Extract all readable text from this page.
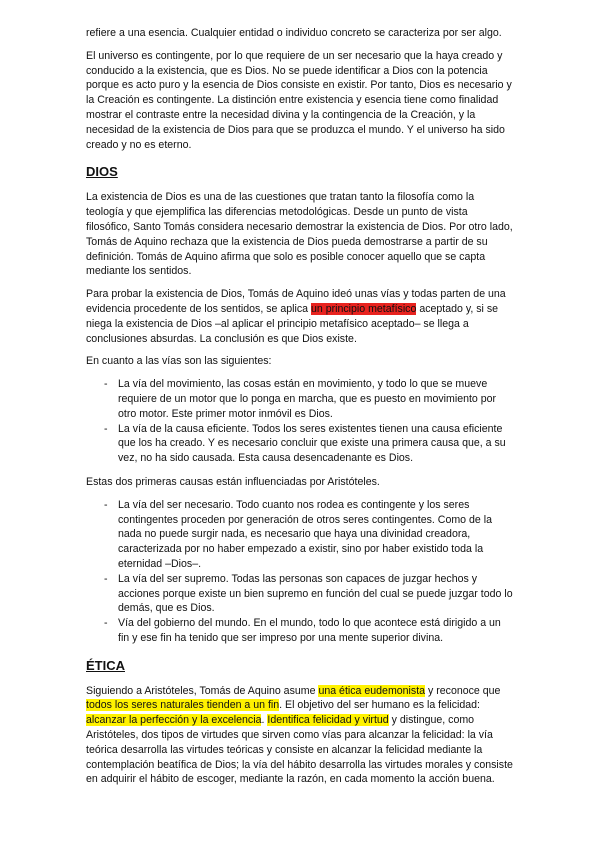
refiere a una esencia. Cualquier entidad o individuo concreto se caracteriza por ser algo.

El universo es contingente, por lo que requiere de un ser necesario que la haya creado y conducido a la existencia, que es Dios. No se puede identificar a Dios con la potencia porque es acto puro y la esencia de Dios consiste en existir. Por tanto, Dios es necesario y la Creación es contingente. La distinción entre existencia y esencia tiene como finalidad mostrar el contraste entre la necesidad divina y la contingencia de la Creación, y la necesidad de la existencia de Dios para que se produzca el mundo. Y el universo ha sido creado y no es eterno.

DIOS

La existencia de Dios es una de las cuestiones que tratan tanto la filosofía como la teología y que ejemplifica las diferencias metodológicas. Desde un punto de vista filosófico, Santo Tomás considera necesario demostrar la existencia de Dios. Por otro lado, Tomás de Aquino rechaza que la existencia de Dios pueda demostrarse a partir de su definición. Tomás de Aquino afirma que solo es posible conocer aquello que se capta mediante los sentidos.

Para probar la existencia de Dios, Tomás de Aquino ideó unas vías y todas parten de una evidencia procedente de los sentidos, se aplica un principio metafísico aceptado y, si se niega la existencia de Dios –al aplicar el principio metafísico aceptado– se llega a conclusiones absurdas. La conclusión es que Dios existe.

En cuanto a las vías son las siguientes:

- La vía del movimiento, las cosas están en movimiento, y todo lo que se mueve requiere de un motor que lo ponga en marcha, que es puesto en movimiento por otro motor. Este primer motor inmóvil es Dios.
- La vía de la causa eficiente. Todos los seres existentes tienen una causa eficiente que los ha creado. Y es necesario concluir que existe una primera causa que, a su vez, no ha sido causada. Esta causa desencadenante es Dios.

Estas dos primeras causas están influenciadas por Aristóteles.

- La vía del ser necesario. Todo cuanto nos rodea es contingente y los seres contingentes proceden por generación de otros seres contingentes. Como de la nada no puede surgir nada, es necesario que haya una divinidad creadora, caracterizada por no haber empezado a existir, sino por haber existido toda la eternidad –Dios–.
- La vía del ser supremo. Todas las personas son capaces de juzgar hechos y acciones porque existe un bien supremo en función del cual se puede juzgar todo lo demás, que es Dios.
- Vía del gobierno del mundo. En el mundo, todo lo que acontece está dirigido a un fin y ese fin ha tenido que ser impreso por una mente superior divina.
ÉTICA

Siguiendo a Aristóteles, Tomás de Aquino asume una ética eudemonista y reconoce que todos los seres naturales tienden a un fin. El objetivo del ser humano es la felicidad: alcanzar la perfección y la excelencia. Identifica felicidad y virtud y distingue, como Aristóteles, dos tipos de virtudes que sirven como vías para alcanzar la felicidad: la vía teórica desarrolla las virtudes teóricas y consiste en alcanzar la felicidad mediante la contemplación beatífica de Dios; la vía del hábito desarrolla las virtudes morales y consiste en adquirir el hábito de escoger, mediante la razón, en cada momento la acción buena.
